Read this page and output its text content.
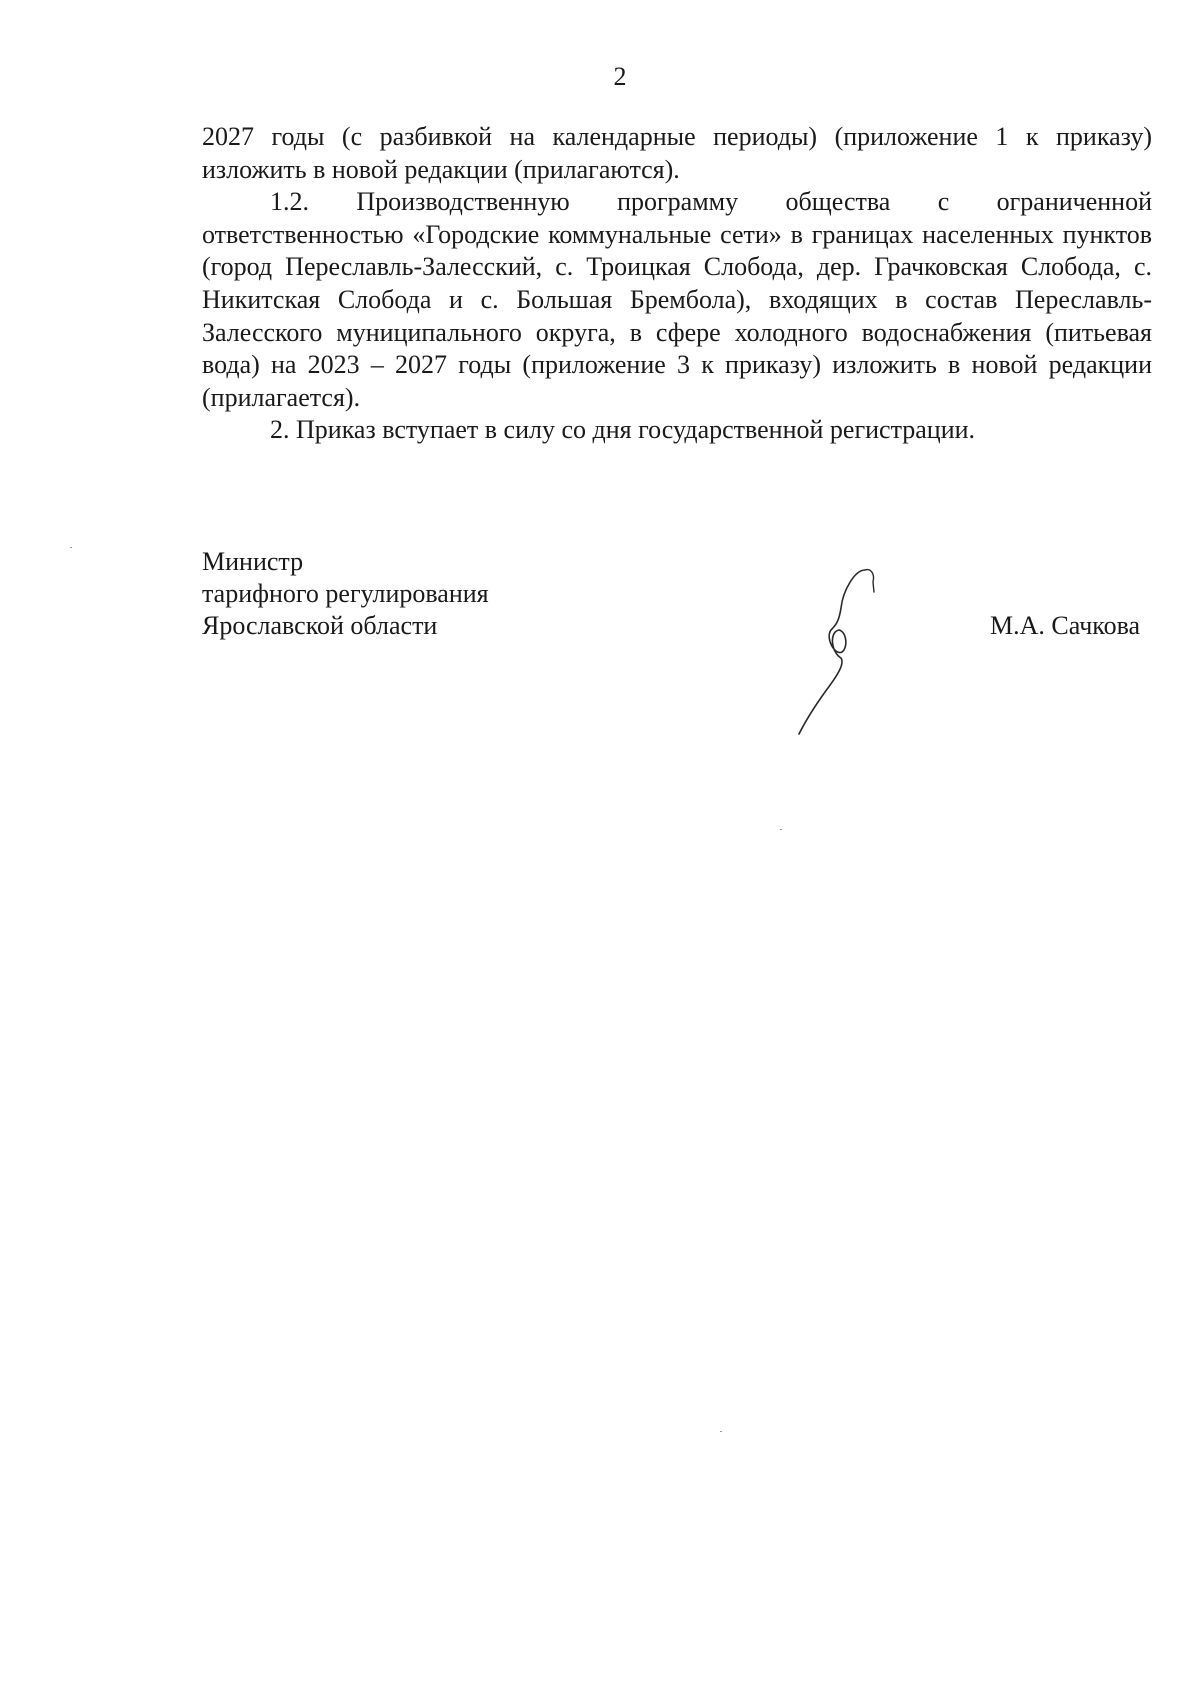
2

2027 годы (с разбивкой на календарные периоды) (приложение 1 к приказу) изложить в новой редакции (прилагаются).

1.2. Производственную программу общества с ограниченной ответственностью «Городские коммунальные сети» в границах населенных пунктов (город Переславль-Залесский, с. Троицкая Слобода, дер. Грачковская Слобода, с. Никитская Слобода и с. Большая Брембола), входящих в состав Переславль-Залесского муниципального округа, в сфере холодного водоснабжения (питьевая вода) на 2023 – 2027 годы (приложение 3 к приказу) изложить в новой редакции (прилагается).

2. Приказ вступает в силу со дня государственной регистрации.

Министр
тарифного регулирования
Ярославской области	М.А. Сачкова
